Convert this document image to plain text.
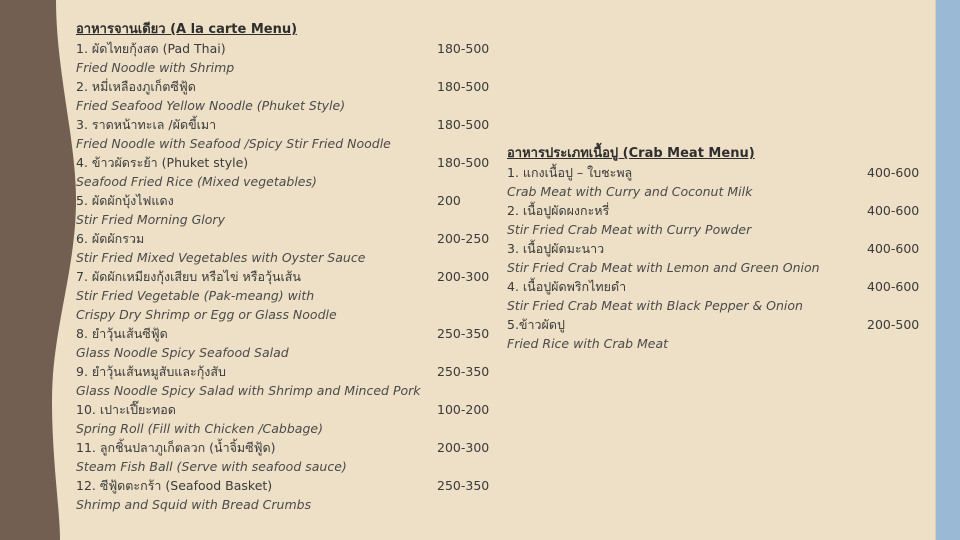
อาหารจานเดียว (A la carte Menu)
1. ผัดไทยกุ้งสด (Pad Thai)	180-500
Fried Noodle with Shrimp
2. หมี่เหลืองภูเก็ตซีฟู้ด	180-500
Fried Seafood Yellow Noodle (Phuket Style)
3. ราดหน้าทะเล /ผัดขี้เมา	180-500
Fried Noodle with Seafood /Spicy Stir Fried Noodle
4. ข้าวผัดระย้า (Phuket style)	180-500
Seafood Fried Rice (Mixed vegetables)
5. ผัดผักบุ้งไฟแดง	200
Stir Fried Morning Glory
6. ผัดผักรวม	200-250
Stir Fried Mixed Vegetables with Oyster Sauce
7. ผัดผักเหมียงกุ้งเสียบ หรือไข่ หรือวุ้นเส้น	200-300
Stir Fried Vegetable (Pak-meang) with
Crispy Dry Shrimp or Egg or Glass Noodle
8. ยำวุ้นเส้นซีฟู้ด	250-350
Glass Noodle Spicy Seafood Salad
9. ยำวุ้นเส้นหมูสับและกุ้งสับ	250-350
Glass Noodle Spicy Salad with Shrimp and Minced Pork
10. เปาะเปี๊ยะทอด	100-200
Spring Roll (Fill with Chicken /Cabbage)
11. ลูกชิ้นปลาภูเก็ตลวก (น้ำจิ้มซีฟู้ด)	200-300
Steam Fish Ball (Serve with seafood sauce)
12. ซีฟู้ดตะกร้า (Seafood Basket)	250-350
Shrimp and Squid with Bread Crumbs
อาหารประเภทเนื้อปู (Crab Meat Menu)
1. แกงเนื้อปู – ใบชะพลู	400-600
Crab Meat with Curry and Coconut Milk
2. เนื้อปูผัดผงกะหรี่	400-600
Stir Fried Crab Meat with Curry Powder
3. เนื้อปูผัดมะนาว	400-600
Stir Fried Crab Meat with Lemon and Green Onion
4. เนื้อปูผัดพริกไทยดำ	400-600
Stir Fried Crab Meat with Black Pepper & Onion
5.ข้าวผัดปู	200-500
Fried Rice with Crab Meat
